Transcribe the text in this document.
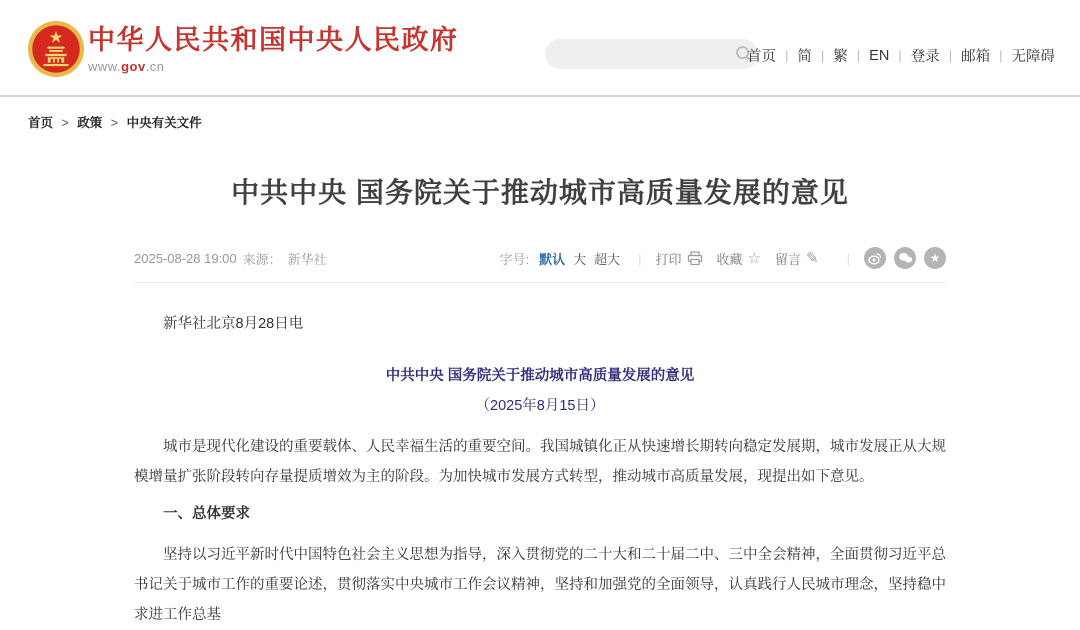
中华人民共和国中央人民政府
www.gov.cn
首页 | 简 | 繁 | EN | 登录 | 邮箱 | 无障碍
首页 > 政策 > 中央有关文件
中共中央 国务院关于推动城市高质量发展的意见
2025-08-28 19:00 来源： 新华社	字号: 默认 大 超大 | 打印	收藏 ☆ 留言 ✎ |	★

新华社北京8月28日电

中共中央 国务院关于推动城市高质量发展的意见

（2025年8月15日）

城市是现代化建设的重要载体、人民幸福生活的重要空间。我国城镇化正从快速增长期转向稳定发展期，城市发展正从大规模增量扩张阶段转向存量提质增效为主的阶段。为加快城市发展方式转型，推动城市高质量发展，现提出如下意见。

一、总体要求

坚持以习近平新时代中国特色社会主义思想为指导，深入贯彻党的二十大和二十届二中、三中全会精神，全面贯彻习近平总书记关于城市工作的重要论述，贯彻落实中央城市工作会议精神，坚持和加强党的全面领导，认真践行人民城市理念，坚持稳中求进工作总基
